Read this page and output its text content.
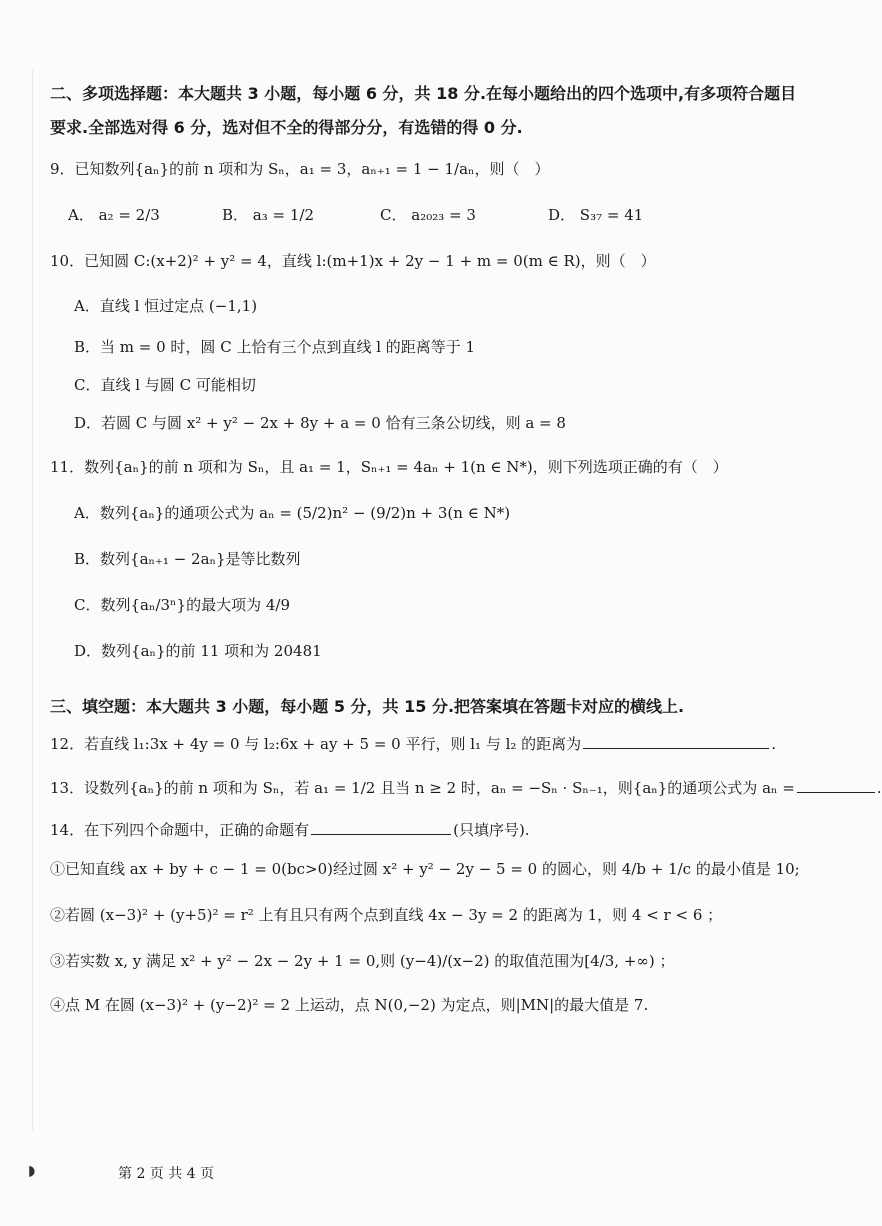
二、多项选择题：本大题共 3 小题，每小题 6 分，共 18 分.在每小题给出的四个选项中,有多项符合题目
要求.全部选对得 6 分，选对但不全的得部分分，有选错的得 0 分.
9．已知数列{aₙ}的前 n 项和为 Sₙ，a₁ = 3，aₙ₊₁ = 1 − 1/aₙ，则（　）
A． a₂ = 2/3	B． a₃ = 1/2	C． a₂₀₂₃ = 3	D． S₃₇ = 41
10．已知圆 C:(x+2)² + y² = 4，直线 l:(m+1)x + 2y − 1 + m = 0(m ∈ R)，则（　）
A．直线 l 恒过定点 (−1,1)
B．当 m = 0 时，圆 C 上恰有三个点到直线 l 的距离等于 1
C．直线 l 与圆 C 可能相切
D．若圆 C 与圆 x² + y² − 2x + 8y + a = 0 恰有三条公切线，则 a = 8
11．数列{aₙ}的前 n 项和为 Sₙ，且 a₁ = 1，Sₙ₊₁ = 4aₙ + 1(n ∈ N*)，则下列选项正确的有（　）
A．数列{aₙ}的通项公式为 aₙ = (5/2)n² − (9/2)n + 3(n ∈ N*)
B．数列{aₙ₊₁ − 2aₙ}是等比数列
C．数列{aₙ/3ⁿ}的最大项为 4/9
D．数列{aₙ}的前 11 项和为 20481
三、填空题：本大题共 3 小题，每小题 5 分，共 15 分.把答案填在答题卡对应的横线上.
12．若直线 l₁:3x + 4y = 0 与 l₂:6x + ay + 5 = 0 平行，则 l₁ 与 l₂ 的距离为	.
13．设数列{aₙ}的前 n 项和为 Sₙ，若 a₁ = 1/2 且当 n ≥ 2 时，aₙ = −Sₙ · Sₙ₋₁，则{aₙ}的通项公式为 aₙ =	.
14．在下列四个命题中，正确的命题有	(只填序号).
①已知直线 ax + by + c − 1 = 0(bc>0)经过圆 x² + y² − 2y − 5 = 0 的圆心，则 4/b + 1/c 的最小值是 10;
②若圆 (x−3)² + (y+5)² = r² 上有且只有两个点到直线 4x − 3y = 2 的距离为 1，则 4 < r < 6 ；
③若实数 x, y 满足 x² + y² − 2x − 2y + 1 = 0,则 (y−4)/(x−2) 的取值范围为[4/3, +∞) ；
④点 M 在圆 (x−3)² + (y−2)² = 2 上运动，点 N(0,−2) 为定点，则|MN|的最大值是 7.
◗	第 2 页 共 4 页
